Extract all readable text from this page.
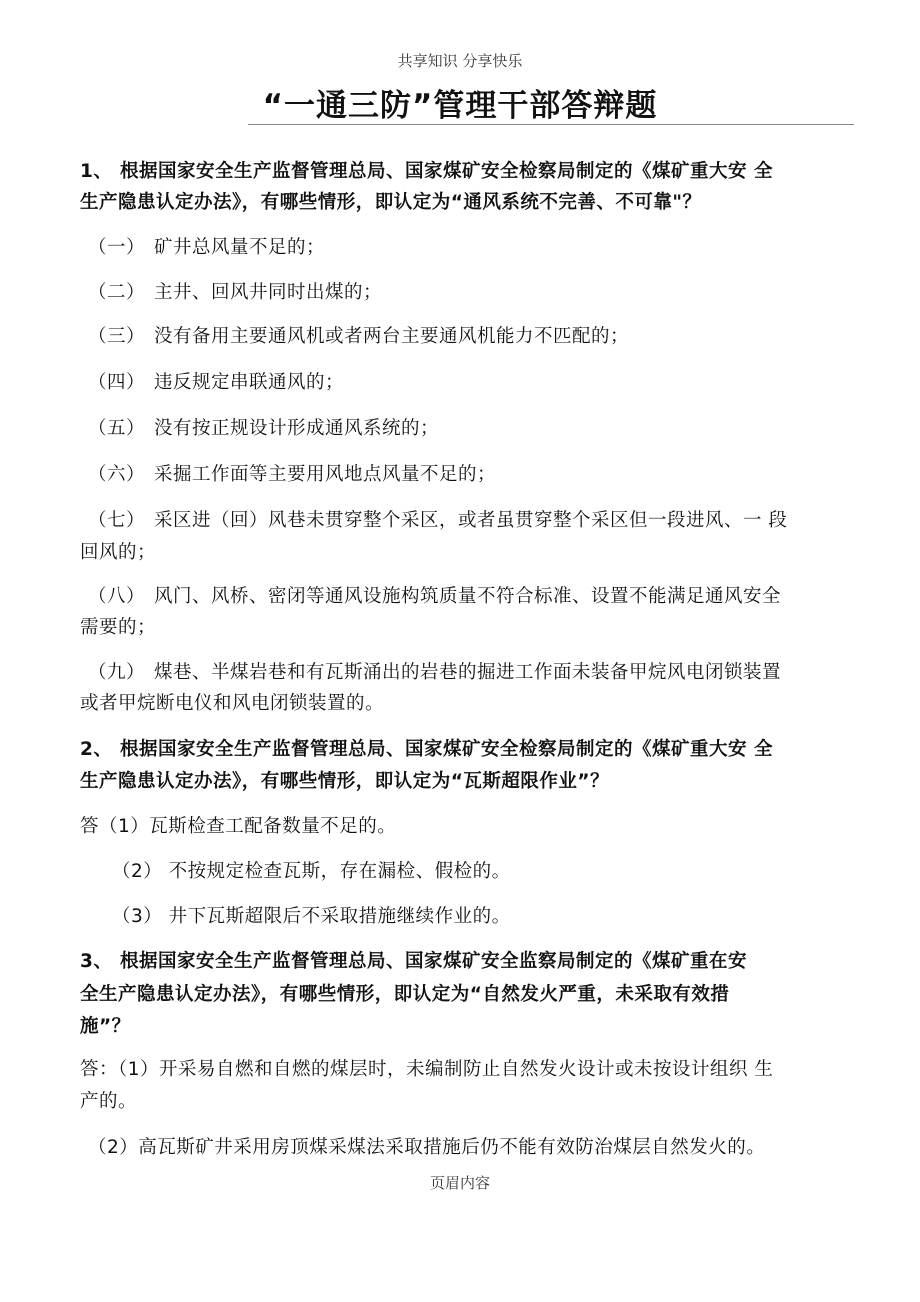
共享知识 分享快乐
“一通三防”管理干部答辩题
1、 根据国家安全生产监督管理总局、国家煤矿安全检察局制定的《煤矿重大安 全
生产隐患认定办法》，有哪些情形，即认定为“通风系统不完善、不可靠"？
（一） 矿井总风量不足的；
（二） 主井、回风井同时出煤的；
（三） 没有备用主要通风机或者两台主要通风机能力不匹配的；
（四） 违反规定串联通风的；
（五） 没有按正规设计形成通风系统的；
（六） 采掘工作面等主要用风地点风量不足的；
（七） 采区进（回）风巷未贯穿整个采区，或者虽贯穿整个采区但一段进风、一 段
回风的；
（八） 风门、风桥、密闭等通风设施构筑质量不符合标准、设置不能满足通风安全
需要的；
（九） 煤巷、半煤岩巷和有瓦斯涌出的岩巷的掘进工作面未装备甲烷风电闭锁装置
或者甲烷断电仪和风电闭锁装置的。
2、 根据国家安全生产监督管理总局、国家煤矿安全检察局制定的《煤矿重大安 全
生产隐患认定办法》，有哪些情形，即认定为“瓦斯超限作业”？
答（1）瓦斯检查工配备数量不足的。
（2） 不按规定检查瓦斯，存在漏检、假检的。
（3） 井下瓦斯超限后不采取措施继续作业的。
3、 根据国家安全生产监督管理总局、国家煤矿安全监察局制定的《煤矿重在安
全生产隐患认定办法》，有哪些情形，即认定为“自然发火严重，未采取有效措
施”？
答：（1）开采易自燃和自燃的煤层时，未编制防止自然发火设计或未按设计组织 生
产的。
（2）高瓦斯矿井采用房顶煤采煤法采取措施后仍不能有效防治煤层自然发火的。
页眉内容
